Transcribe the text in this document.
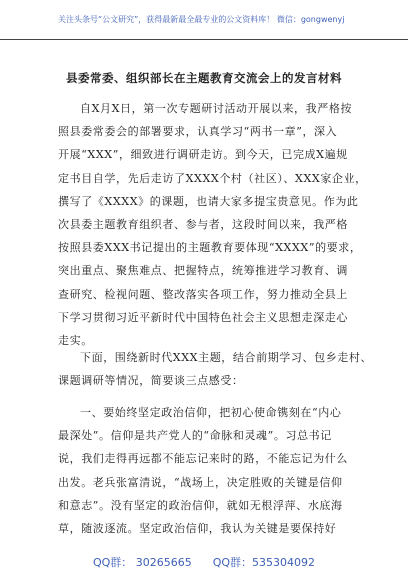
关注头条号“公文研究”，获得最新最全最专业的公文资料库！ 微信：gongwenyj
县委常委、组织部长在主题教育交流会上的发言材料
自X月X日，第一次专题研讨活动开展以来，我严格按
照县委常委会的部署要求，认真学习“两书一章”，深入
开展“XXX”，细致进行调研走访。到今天，已完成X遍规
定书目自学，先后走访了XXXX个村（社区）、XXX家企业，
撰写了《XXXX》的课题，也请大家多提宝贵意见。作为此
次县委主题教育组织者、参与者，这段时间以来，我严格
按照县委XXX书记提出的主题教育要体现“XXXX”的要求，
突出重点、聚焦难点、把握特点，统筹推进学习教育、调
查研究、检视问题、整改落实各项工作，努力推动全县上
下学习贯彻习近平新时代中国特色社会主义思想走深走心
走实。
下面，围绕新时代XXX主题，结合前期学习、包乡走村、
课题调研等情况，简要谈三点感受：
一、要始终坚定政治信仰，把初心使命镌刻在“内心
最深处”。信仰是共产党人的“命脉和灵魂”。习总书记
说，我们走得再远都不能忘记来时的路，不能忘记为什么
出发。老兵张富清说，“战场上，决定胜败的关键是信仰
和意志”。没有坚定的政治信仰，就如无根浮萍、水底海
草，随波逐流。坚定政治信仰，我认为关键是要保持好
QQ群： 30265665      QQ群：535304092
